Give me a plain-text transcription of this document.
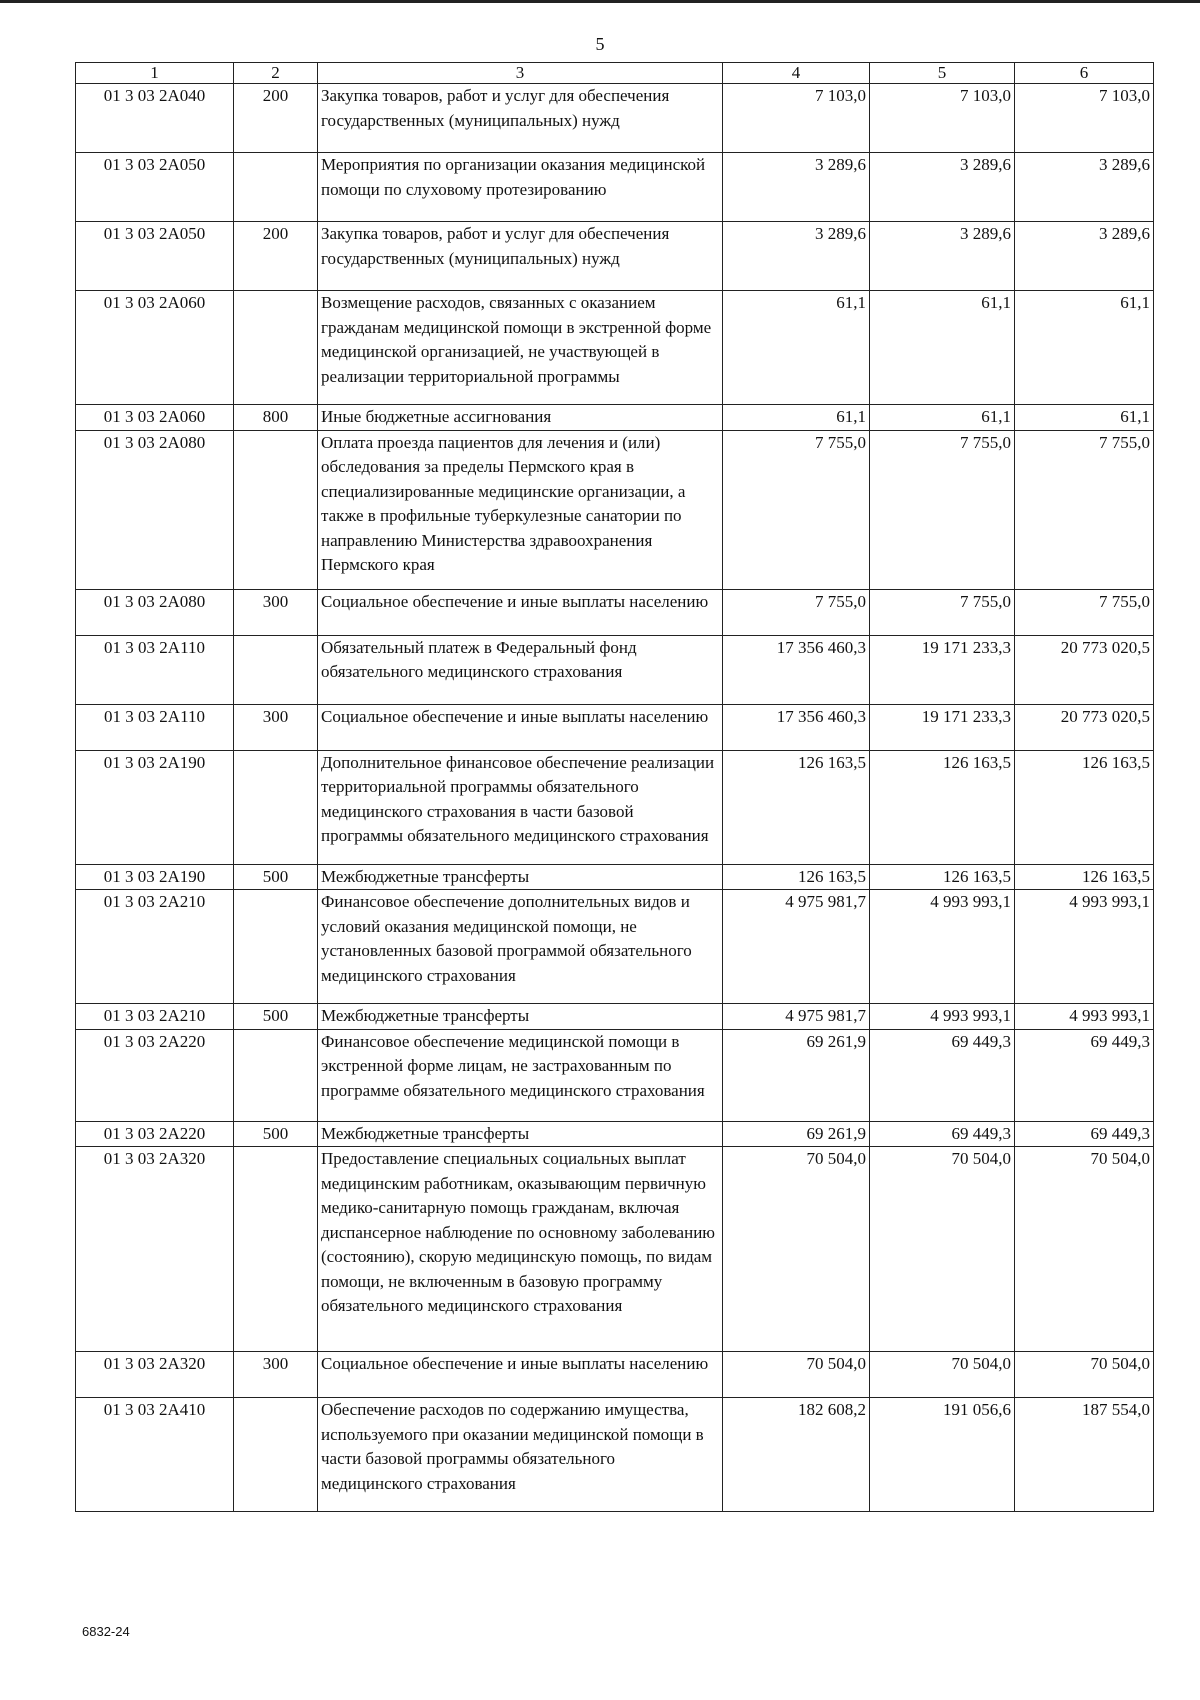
5
1	2	3	4	5	6
01 3 03 2А040	200	Закупка товаров, работ и услуг для обеспечения государственных (муниципальных) нужд	7 103,0	7 103,0	7 103,0
01 3 03 2А050		Мероприятия по организации оказания медицинской помощи по слуховому протезированию	3 289,6	3 289,6	3 289,6
01 3 03 2А050	200	Закупка товаров, работ и услуг для обеспечения государственных (муниципальных) нужд	3 289,6	3 289,6	3 289,6
01 3 03 2А060		Возмещение расходов, связанных с оказанием гражданам медицинской помощи в экстренной форме медицинской организацией, не участвующей в реализации территориальной программы	61,1	61,1	61,1
01 3 03 2А060	800	Иные бюджетные ассигнования	61,1	61,1	61,1
01 3 03 2А080		Оплата проезда пациентов для лечения и (или) обследования за пределы Пермского края в специализированные медицинские организации, а также в профильные туберкулезные санатории по направлению Министерства здравоохранения Пермского края	7 755,0	7 755,0	7 755,0
01 3 03 2А080	300	Социальное обеспечение и иные выплаты населению	7 755,0	7 755,0	7 755,0
01 3 03 2А110		Обязательный платеж в Федеральный фонд обязательного медицинского страхования	17 356 460,3	19 171 233,3	20 773 020,5
01 3 03 2А110	300	Социальное обеспечение и иные выплаты населению	17 356 460,3	19 171 233,3	20 773 020,5
01 3 03 2А190		Дополнительное финансовое обеспечение реализации территориальной программы обязательного медицинского страхования в части базовой программы обязательного медицинского страхования	126 163,5	126 163,5	126 163,5
01 3 03 2А190	500	Межбюджетные трансферты	126 163,5	126 163,5	126 163,5
01 3 03 2А210		Финансовое обеспечение дополнительных видов и условий оказания медицинской помощи, не установленных базовой программой обязательного медицинского страхования	4 975 981,7	4 993 993,1	4 993 993,1
01 3 03 2А210	500	Межбюджетные трансферты	4 975 981,7	4 993 993,1	4 993 993,1
01 3 03 2А220		Финансовое обеспечение медицинской помощи в экстренной форме лицам, не застрахованным по программе обязательного медицинского страхования	69 261,9	69 449,3	69 449,3
01 3 03 2А220	500	Межбюджетные трансферты	69 261,9	69 449,3	69 449,3
01 3 03 2А320		Предоставление специальных социальных выплат медицинским работникам, оказывающим первичную медико-санитарную помощь гражданам, включая диспансерное наблюдение по основному заболеванию (состоянию), скорую медицинскую помощь, по видам помощи, не включенным в базовую программу обязательного медицинского страхования	70 504,0	70 504,0	70 504,0
01 3 03 2А320	300	Социальное обеспечение и иные выплаты населению	70 504,0	70 504,0	70 504,0
01 3 03 2А410		Обеспечение расходов по содержанию имущества, используемого при оказании медицинской помощи в части базовой программы обязательного медицинского страхования	182 608,2	191 056,6	187 554,0
6832-24
